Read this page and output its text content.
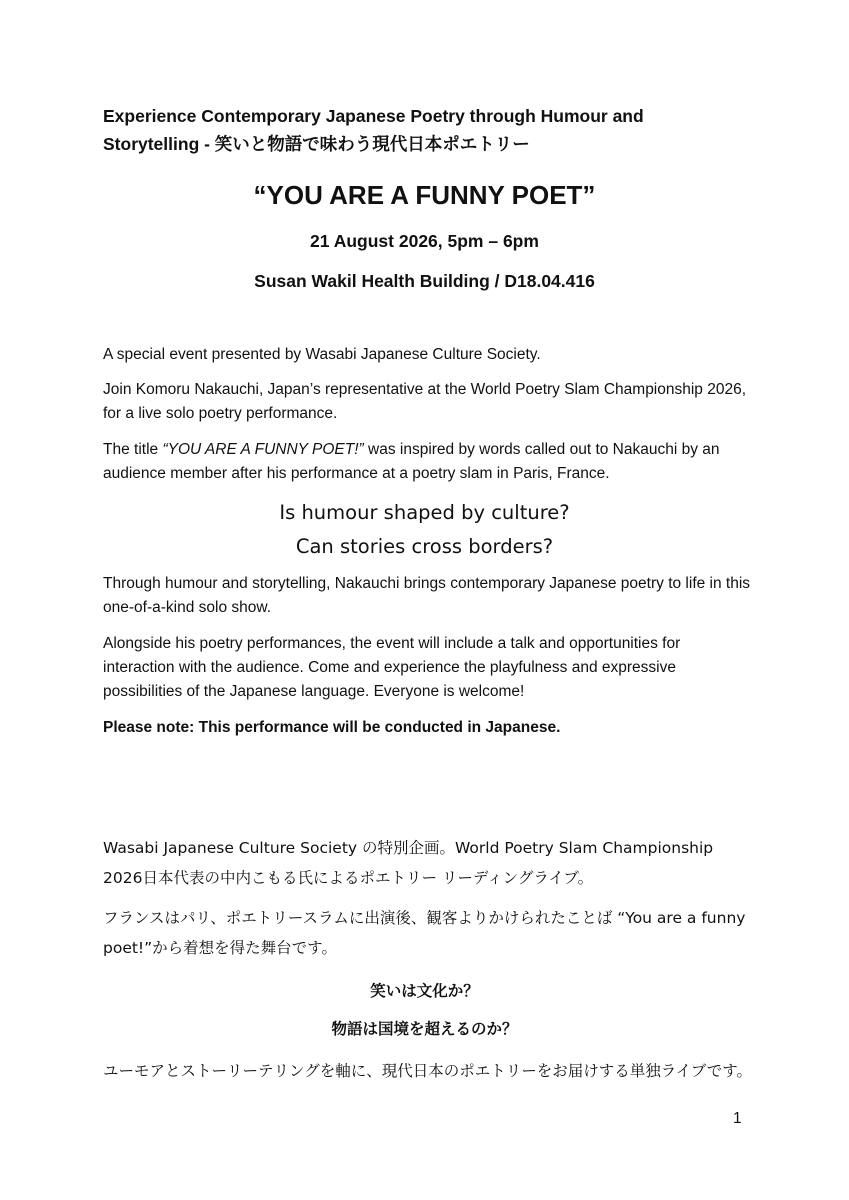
Experience Contemporary Japanese Poetry through Humour and
Storytelling - 笑いと物語で味わう現代日本ポエトリー
“YOU ARE A FUNNY POET”
21 August 2026, 5pm – 6pm
Susan Wakil Health Building / D18.04.416

A special event presented by Wasabi Japanese Culture Society.

Join Komoru Nakauchi, Japan’s representative at the World Poetry Slam Championship 2026, for a live solo poetry performance.

The title “YOU ARE A FUNNY POET!” was inspired by words called out to Nakauchi by an audience member after his performance at a poetry slam in Paris, France.

Is humour shaped by culture?
Can stories cross borders?

Through humour and storytelling, Nakauchi brings contemporary Japanese poetry to life in this one-of-a-kind solo show.

Alongside his poetry performances, the event will include a talk and opportunities for interaction with the audience. Come and experience the playfulness and expressive possibilities of the Japanese language. Everyone is welcome!

Please note: This performance will be conducted in Japanese.

Wasabi Japanese Culture Society の特別企画。World Poetry Slam Championship 2026日本代表の中内こもる氏によるポエトリー リーディングライブ。

フランスはパリ、ポエトリースラムに出演後、観客よりかけられたことば “You are a funny poet!”から着想を得た舞台です。

笑いは文化か？
物語は国境を超えるのか？

ユーモアとストーリーテリングを軸に、現代日本のポエトリーをお届けする単独ライブです。

1
